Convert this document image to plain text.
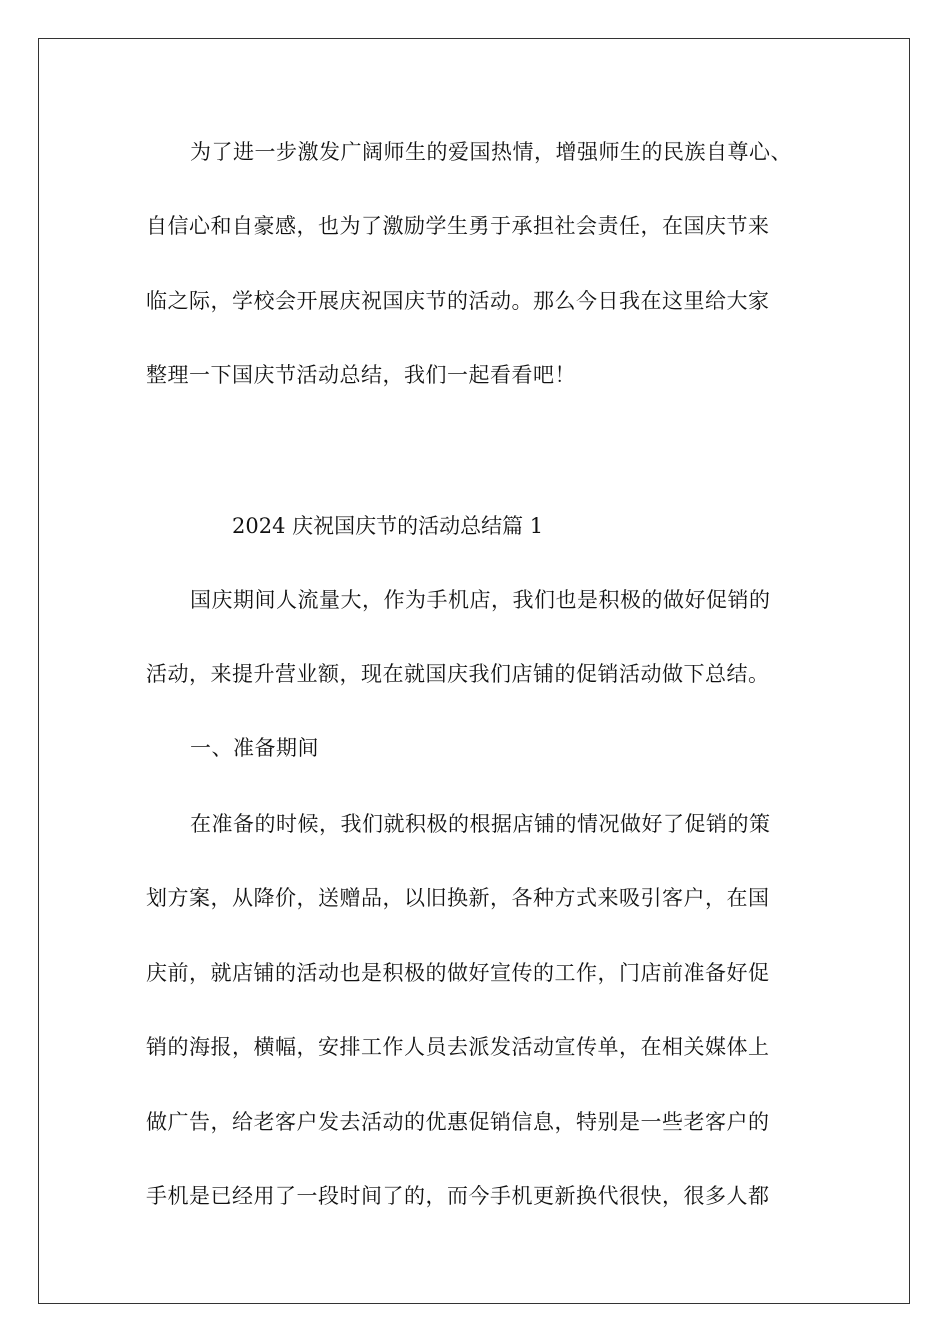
为了进一步激发广阔师生的爱国热情，增强师生的民族自尊心、
自信心和自豪感，也为了激励学生勇于承担社会责任，在国庆节来
临之际，学校会开展庆祝国庆节的活动。那么今日我在这里给大家
整理一下国庆节活动总结，我们一起看看吧！
2024 庆祝国庆节的活动总结篇 1
国庆期间人流量大，作为手机店，我们也是积极的做好促销的
活动，来提升营业额，现在就国庆我们店铺的促销活动做下总结。
一、准备期间
在准备的时候，我们就积极的根据店铺的情况做好了促销的策
划方案，从降价，送赠品，以旧换新，各种方式来吸引客户，在国
庆前，就店铺的活动也是积极的做好宣传的工作，门店前准备好促
销的海报，横幅，安排工作人员去派发活动宣传单，在相关媒体上
做广告，给老客户发去活动的优惠促销信息，特别是一些老客户的
手机是已经用了一段时间了的，而今手机更新换代很快，很多人都
